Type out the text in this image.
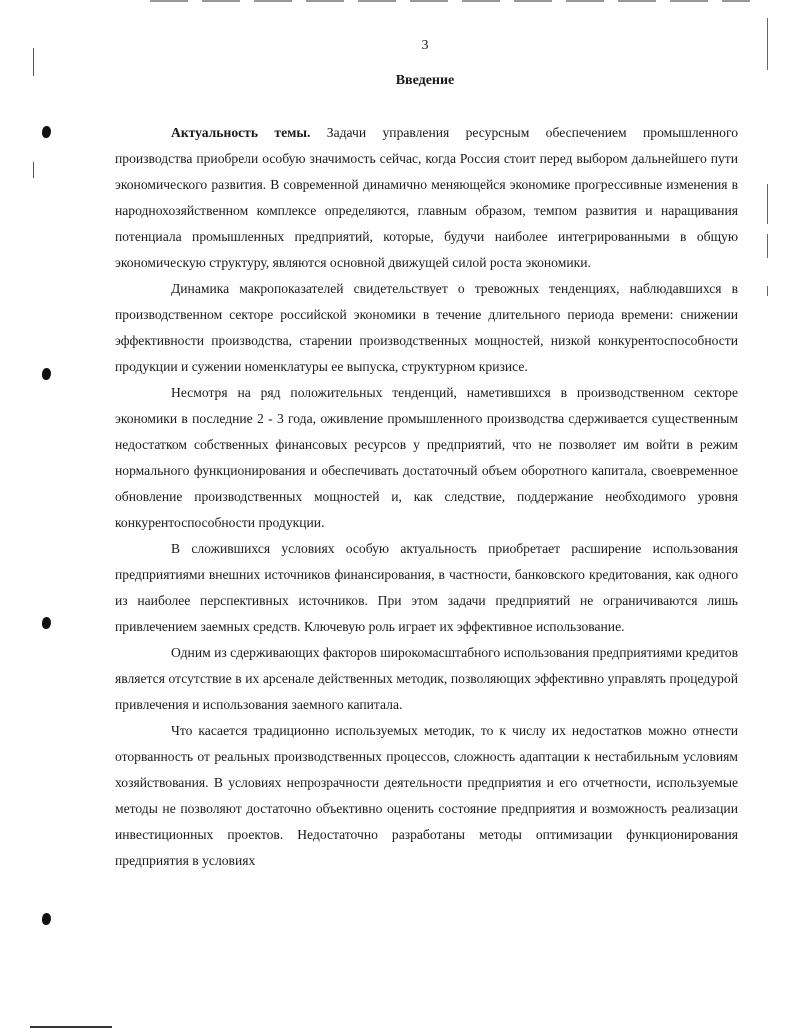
3
Введение

Актуальность темы. Задачи управления ресурсным обеспечением промышленного производства приобрели особую значимость сейчас, когда Россия стоит перед выбором дальнейшего пути экономического развития. В современной динамично меняющейся экономике прогрессивные изменения в народнохозяйственном комплексе определяются, главным образом, темпом развития и наращивания потенциала промышленных предприятий, которые, будучи наиболее интегрированными в общую экономическую структуру, являются основной движущей силой роста экономики.

Динамика макропоказателей свидетельствует о тревожных тенденциях, наблюдавшихся в производственном секторе российской экономики в течение длительного периода времени: снижении эффективности производства, старении производственных мощностей, низкой конкурентоспособности продукции и сужении номенклатуры ее выпуска, структурном кризисе.

Несмотря на ряд положительных тенденций, наметившихся в производственном секторе экономики в последние 2 - 3 года, оживление промышленного производства сдерживается существенным недостатком собственных финансовых ресурсов у предприятий, что не позволяет им войти в режим нормального функционирования и обеспечивать достаточный объем оборотного капитала, своевременное обновление производственных мощностей и, как следствие, поддержание необходимого уровня конкурентоспособности продукции.

В сложившихся условиях особую актуальность приобретает расширение использования предприятиями внешних источников финансирования, в частности, банковского кредитования, как одного из наиболее перспективных источников. При этом задачи предприятий не ограничиваются лишь привлечением заемных средств. Ключевую роль играет их эффективное использование.

Одним из сдерживающих факторов широкомасштабного использования предприятиями кредитов является отсутствие в их арсенале действенных методик, позволяющих эффективно управлять процедурой привлечения и использования заемного капитала.

Что касается традиционно используемых методик, то к числу их недостатков можно отнести оторванность от реальных производственных процессов, сложность адаптации к нестабильным условиям хозяйствования. В условиях непрозрачности деятельности предприятия и его отчетности, используемые методы не позволяют достаточно объективно оценить состояние предприятия и возможность реализации инвестиционных проектов. Недостаточно разработаны методы оптимизации функционирования предприятия в условиях
